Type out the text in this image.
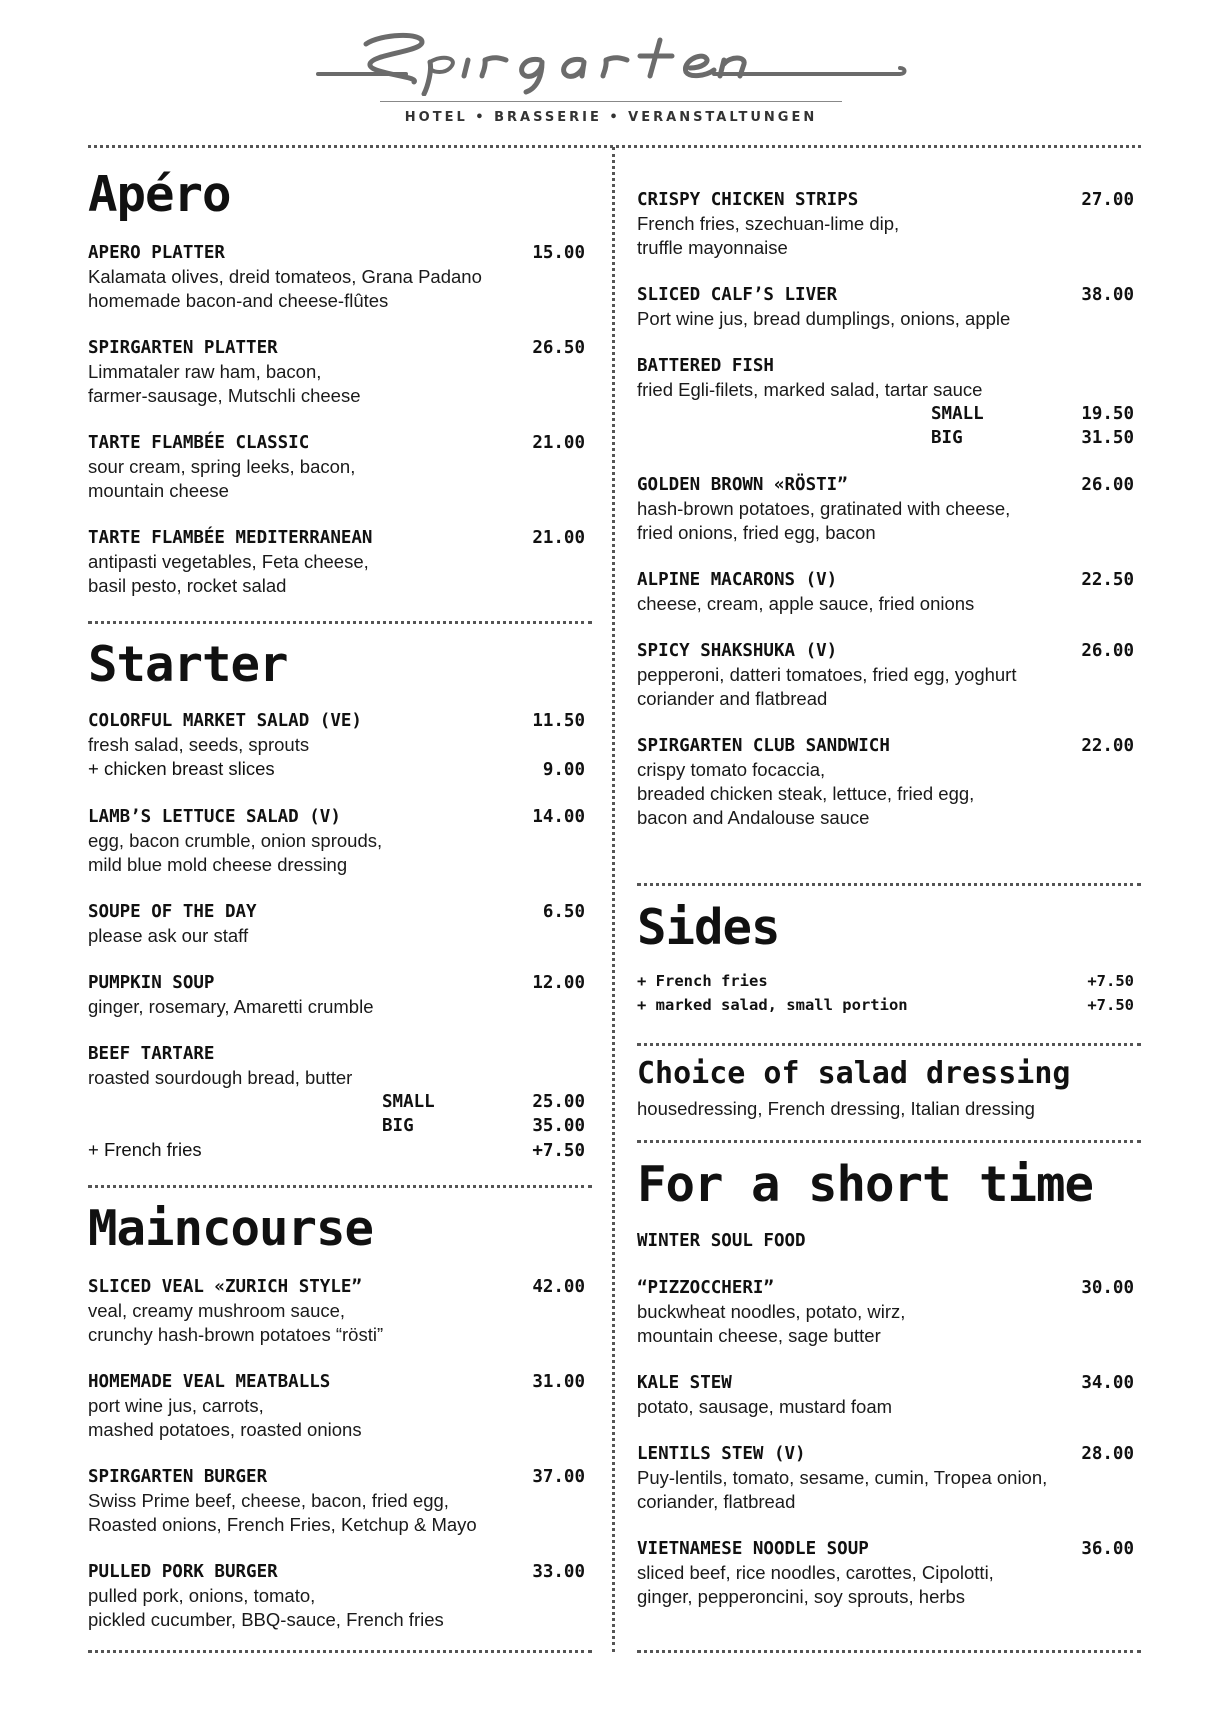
HOTEL • BRASSERIE • VERANSTALTUNGEN
Apéro
APERO PLATTER	15.00
Kalamata olives, dreid tomateos, Grana Padano
homemade bacon-and cheese-flûtes
SPIRGARTEN PLATTER	26.50
Limmataler raw ham, bacon,
farmer-sausage, Mutschli cheese
TARTE FLAMBÉE CLASSIC	21.00
sour cream, spring leeks, bacon,
mountain cheese
TARTE FLAMBÉE MEDITERRANEAN	21.00
antipasti vegetables, Feta cheese,
basil pesto, rocket salad
Starter
COLORFUL MARKET SALAD (VE)	11.50
fresh salad, seeds, sprouts
+ chicken breast slices	9.00
LAMB’S LETTUCE SALAD (V)	14.00
egg, bacon crumble, onion sprouds,
mild blue mold cheese dressing
SOUPE OF THE DAY	6.50
please ask our staff
PUMPKIN SOUP	12.00
ginger, rosemary, Amaretti crumble
BEEF TARTARE
roasted sourdough bread, butter
SMALL	25.00
BIG	35.00
+ French fries	+7.50
Maincourse
SLICED VEAL «ZURICH STYLE”	42.00
veal, creamy mushroom sauce,
crunchy hash-brown potatoes “rösti”
HOMEMADE VEAL MEATBALLS	31.00
port wine jus, carrots,
mashed potatoes, roasted onions
SPIRGARTEN BURGER	37.00
Swiss Prime beef, cheese, bacon, fried egg,
Roasted onions, French Fries, Ketchup & Mayo
PULLED PORK BURGER	33.00
pulled pork, onions, tomato,
pickled cucumber, BBQ-sauce, French fries
CRISPY CHICKEN STRIPS	27.00
French fries, szechuan-lime dip,
truffle mayonnaise
SLICED CALF’S LIVER	38.00
Port wine jus, bread dumplings, onions, apple
BATTERED FISH
fried Egli-filets, marked salad, tartar sauce
SMALL	19.50
BIG	31.50
GOLDEN BROWN «RÖSTI”	26.00
hash-brown potatoes, gratinated with cheese,
fried onions, fried egg, bacon
ALPINE MACARONS (V)	22.50
cheese, cream, apple sauce, fried onions
SPICY SHAKSHUKA (V)	26.00
pepperoni, datteri tomatoes, fried egg, yoghurt
coriander and flatbread
SPIRGARTEN CLUB SANDWICH	22.00
crispy tomato focaccia,
breaded chicken steak, lettuce, fried egg,
bacon and Andalouse sauce
Sides
+ French fries	+7.50
+ marked salad, small portion	+7.50
Choice of salad dressing
housedressing, French dressing, Italian dressing
For a short time
WINTER SOUL FOOD
“PIZZOCCHERI”	30.00
buckwheat noodles, potato, wirz,
mountain cheese, sage butter
KALE STEW	34.00
potato, sausage, mustard foam
LENTILS STEW (V)	28.00
Puy-lentils, tomato, sesame, cumin, Tropea onion,
coriander, flatbread
VIETNAMESE NOODLE SOUP	36.00
sliced beef, rice noodles, carottes, Cipolotti,
ginger, pepperoncini, soy sprouts, herbs
